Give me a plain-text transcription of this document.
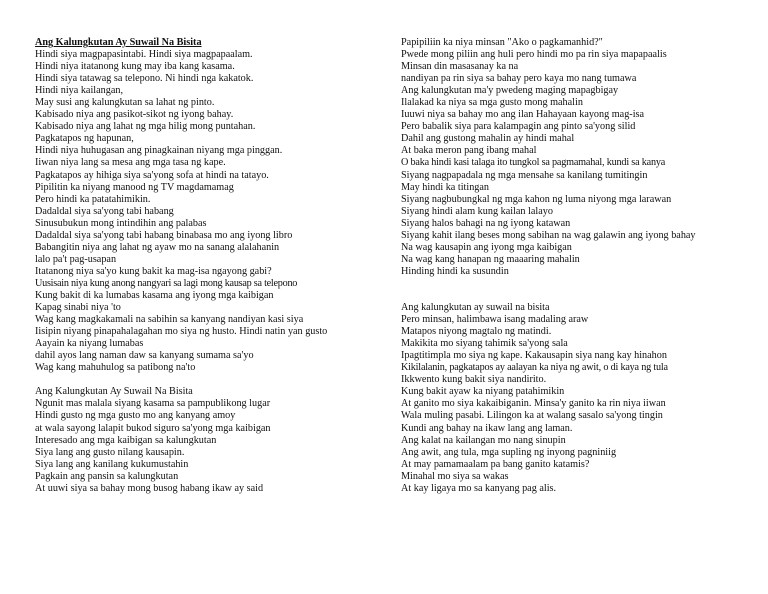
Ang Kalungkutan Ay Suwail Na Bisita
Hindi siya magpapasintabi. Hindi siya magpapaalam.
Hindi niya itatanong kung may iba kang kasama.
Hindi siya tatawag sa telepono. Ni hindi nga kakatok.
Hindi niya kailangan,
May susi ang kalungkutan sa lahat ng pinto.
Kabisado niya ang pasikot-sikot ng iyong bahay.
Kabisado niya ang lahat ng mga hilig mong puntahan.
Pagkatapos ng hapunan,
Hindi niya huhugasan ang pinagkainan niyang mga pinggan.
Iiwan niya lang sa mesa ang mga tasa ng kape.
Pagkatapos ay hihiga siya sa'yong sofa at hindi na tatayo.
Pipilitin ka niyang manood ng TV magdamamag
Pero hindi ka patatahimikin.
Dadaldal siya sa'yong tabi habang
Sinusubukun mong intindihin ang palabas
Dadaldal siya sa'yong tabi habang binabasa mo ang iyong libro
Babangitin niya ang lahat ng ayaw mo na sanang alalahanin
lalo pa't pag-usapan
Itatanong niya sa'yo kung bakit ka mag-isa ngayong gabi?
Uusisain niya kung anong nangyari sa lagi mong kausap sa telepono
Kung bakit di ka lumabas kasama ang iyong mga kaibigan
Kapag sinabi niya 'to
Wag kang magkakamali na sabihin sa kanyang nandiyan kasi siya
Iisipin niyang pinapahalagahan mo siya ng husto. Hindi natin yan gusto
Aayain ka niyang lumabas
dahil ayos lang naman daw sa kanyang sumama sa'yo
Wag kang mahuhulog sa patibong na'to
Ang Kalungkutan Ay Suwail Na Bisita
Ngunit mas malala siyang kasama sa pampublikong lugar
Hindi gusto ng mga gusto mo ang kanyang amoy
at wala sayong lalapit bukod siguro sa'yong mga kaibigan
Interesado ang mga kaibigan sa kalungkutan
Siya lang ang gusto nilang kausapin.
Siya lang ang kanilang kukumustahin
Pagkain ang pansin sa kalungkutan
At uuwi siya sa bahay mong busog habang ikaw ay said
Papipiliin ka niya minsan "Ako o pagkamanhid?"
Pwede mong piliin ang huli pero hindi mo pa rin siya mapapaalis
Minsan din masasanay ka na
nandiyan pa rin siya sa bahay pero kaya mo nang tumawa
Ang kalungkutan ma'y pwedeng maging mapagbigay
Ilalakad ka niya sa mga gusto mong mahalin
Iuuwi niya sa bahay mo ang ilan Hahayaan kayong mag-isa
Pero babalik siya para kalampagin ang pinto sa'yong silid
Dahil ang gustong mahalin ay hindi mahal
At baka meron pang ibang mahal
O baka hindi kasi talaga ito tungkol sa pagmamahal, kundi sa kanya
Siyang nagpapadala ng mga mensahe sa kanilang tumitingin
May hindi ka titingan
Siyang nagbubungkal ng mga kahon ng luma niyong mga larawan
Siyang hindi alam kung kailan lalayo
Siyang halos bahagi na ng iyong katawan
Siyang kahit ilang beses mong sabihan na wag galawin ang iyong bahay
Na wag kausapin ang iyong mga kaibigan
Na wag kang hanapan ng maaaring mahalin
Hinding hindi ka susundin
Ang kalungkutan ay suwail na bisita
Pero minsan, halimbawa isang madaling araw
Matapos niyong magtalo ng matindi.
Makikita mo siyang tahimik sa'yong sala
Ipagtitimpla mo siya ng kape. Kakausapin siya nang kay hinahon
Kikilalanin, pagkatapos ay aalayan ka niya ng awit, o di kaya ng tula
Ikkwento kung bakit siya nandirito.
Kung bakit ayaw ka niyang patahimikin
At ganito mo siya kakaibiganin. Minsa'y ganito ka rin niya iiwan
Wala muling pasabi. Lilingon ka at walang sasalo sa'yong tingin
Kundi ang bahay na ikaw lang ang laman.
Ang kalat na kailangan mo nang sinupin
Ang awit, ang tula, mga supling ng inyong pagniniig
At may pamamaalam pa bang ganito katamis?
Minahal mo siya sa wakas
At kay ligaya mo sa kanyang pag alis.
